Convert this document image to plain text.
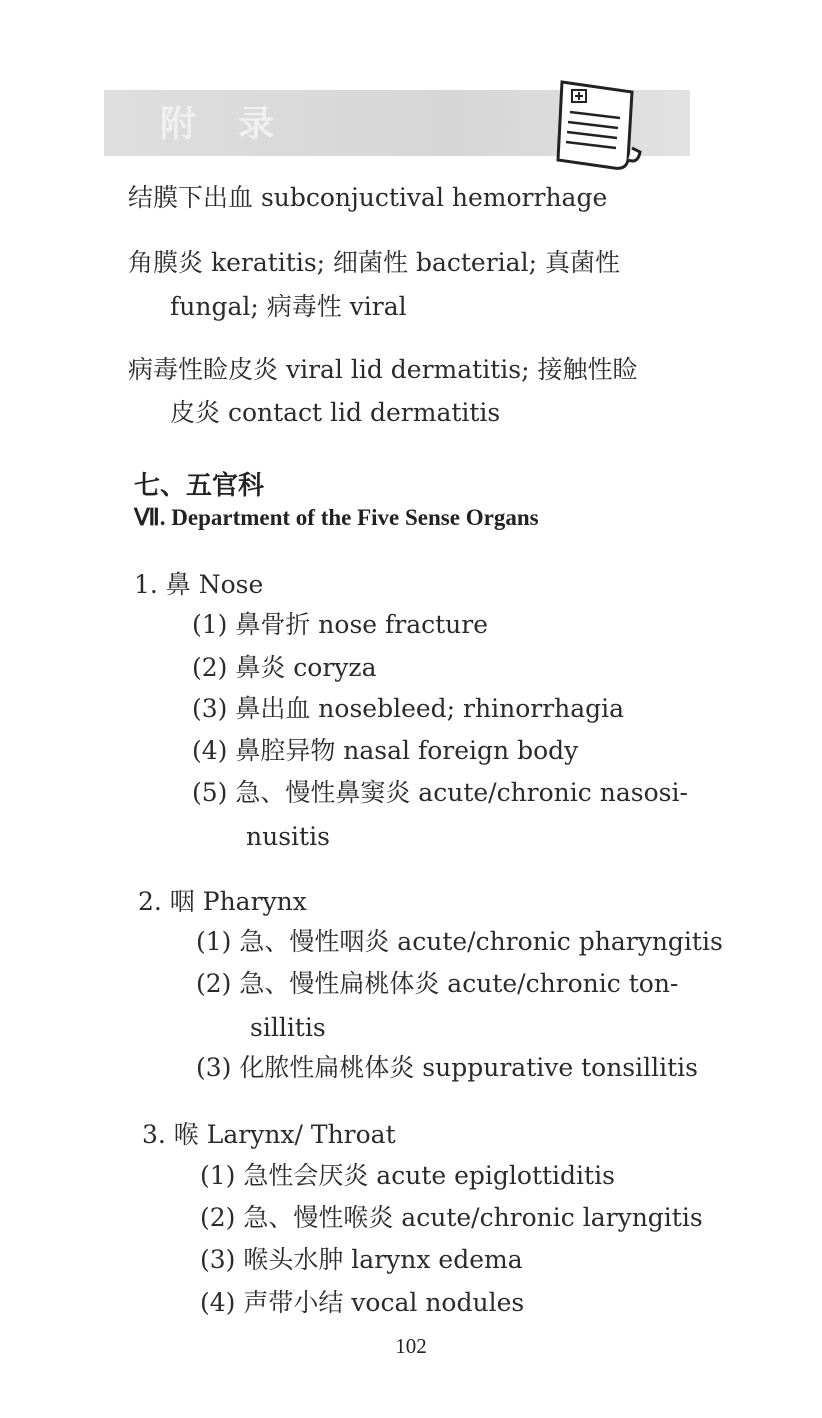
附录
结膜下出血 subconjuctival hemorrhage
角膜炎 keratitis; 细菌性 bacterial; 真菌性
fungal; 病毒性 viral
病毒性睑皮炎 viral lid dermatitis; 接触性睑
皮炎 contact lid dermatitis
七、五官科
Ⅶ. Department of the Five Sense Organs
1. 鼻 Nose
(1) 鼻骨折 nose fracture
(2) 鼻炎 coryza
(3) 鼻出血 nosebleed; rhinorrhagia
(4) 鼻腔异物 nasal foreign body
(5) 急、慢性鼻窦炎 acute/chronic nasosi-
nusitis
2. 咽 Pharynx
(1) 急、慢性咽炎 acute/chronic pharyngitis
(2) 急、慢性扁桃体炎 acute/chronic ton-
sillitis
(3) 化脓性扁桃体炎 suppurative tonsillitis
3. 喉 Larynx/ Throat
(1) 急性会厌炎 acute epiglottiditis
(2) 急、慢性喉炎 acute/chronic laryngitis
(3) 喉头水肿 larynx edema
(4) 声带小结 vocal nodules
102
